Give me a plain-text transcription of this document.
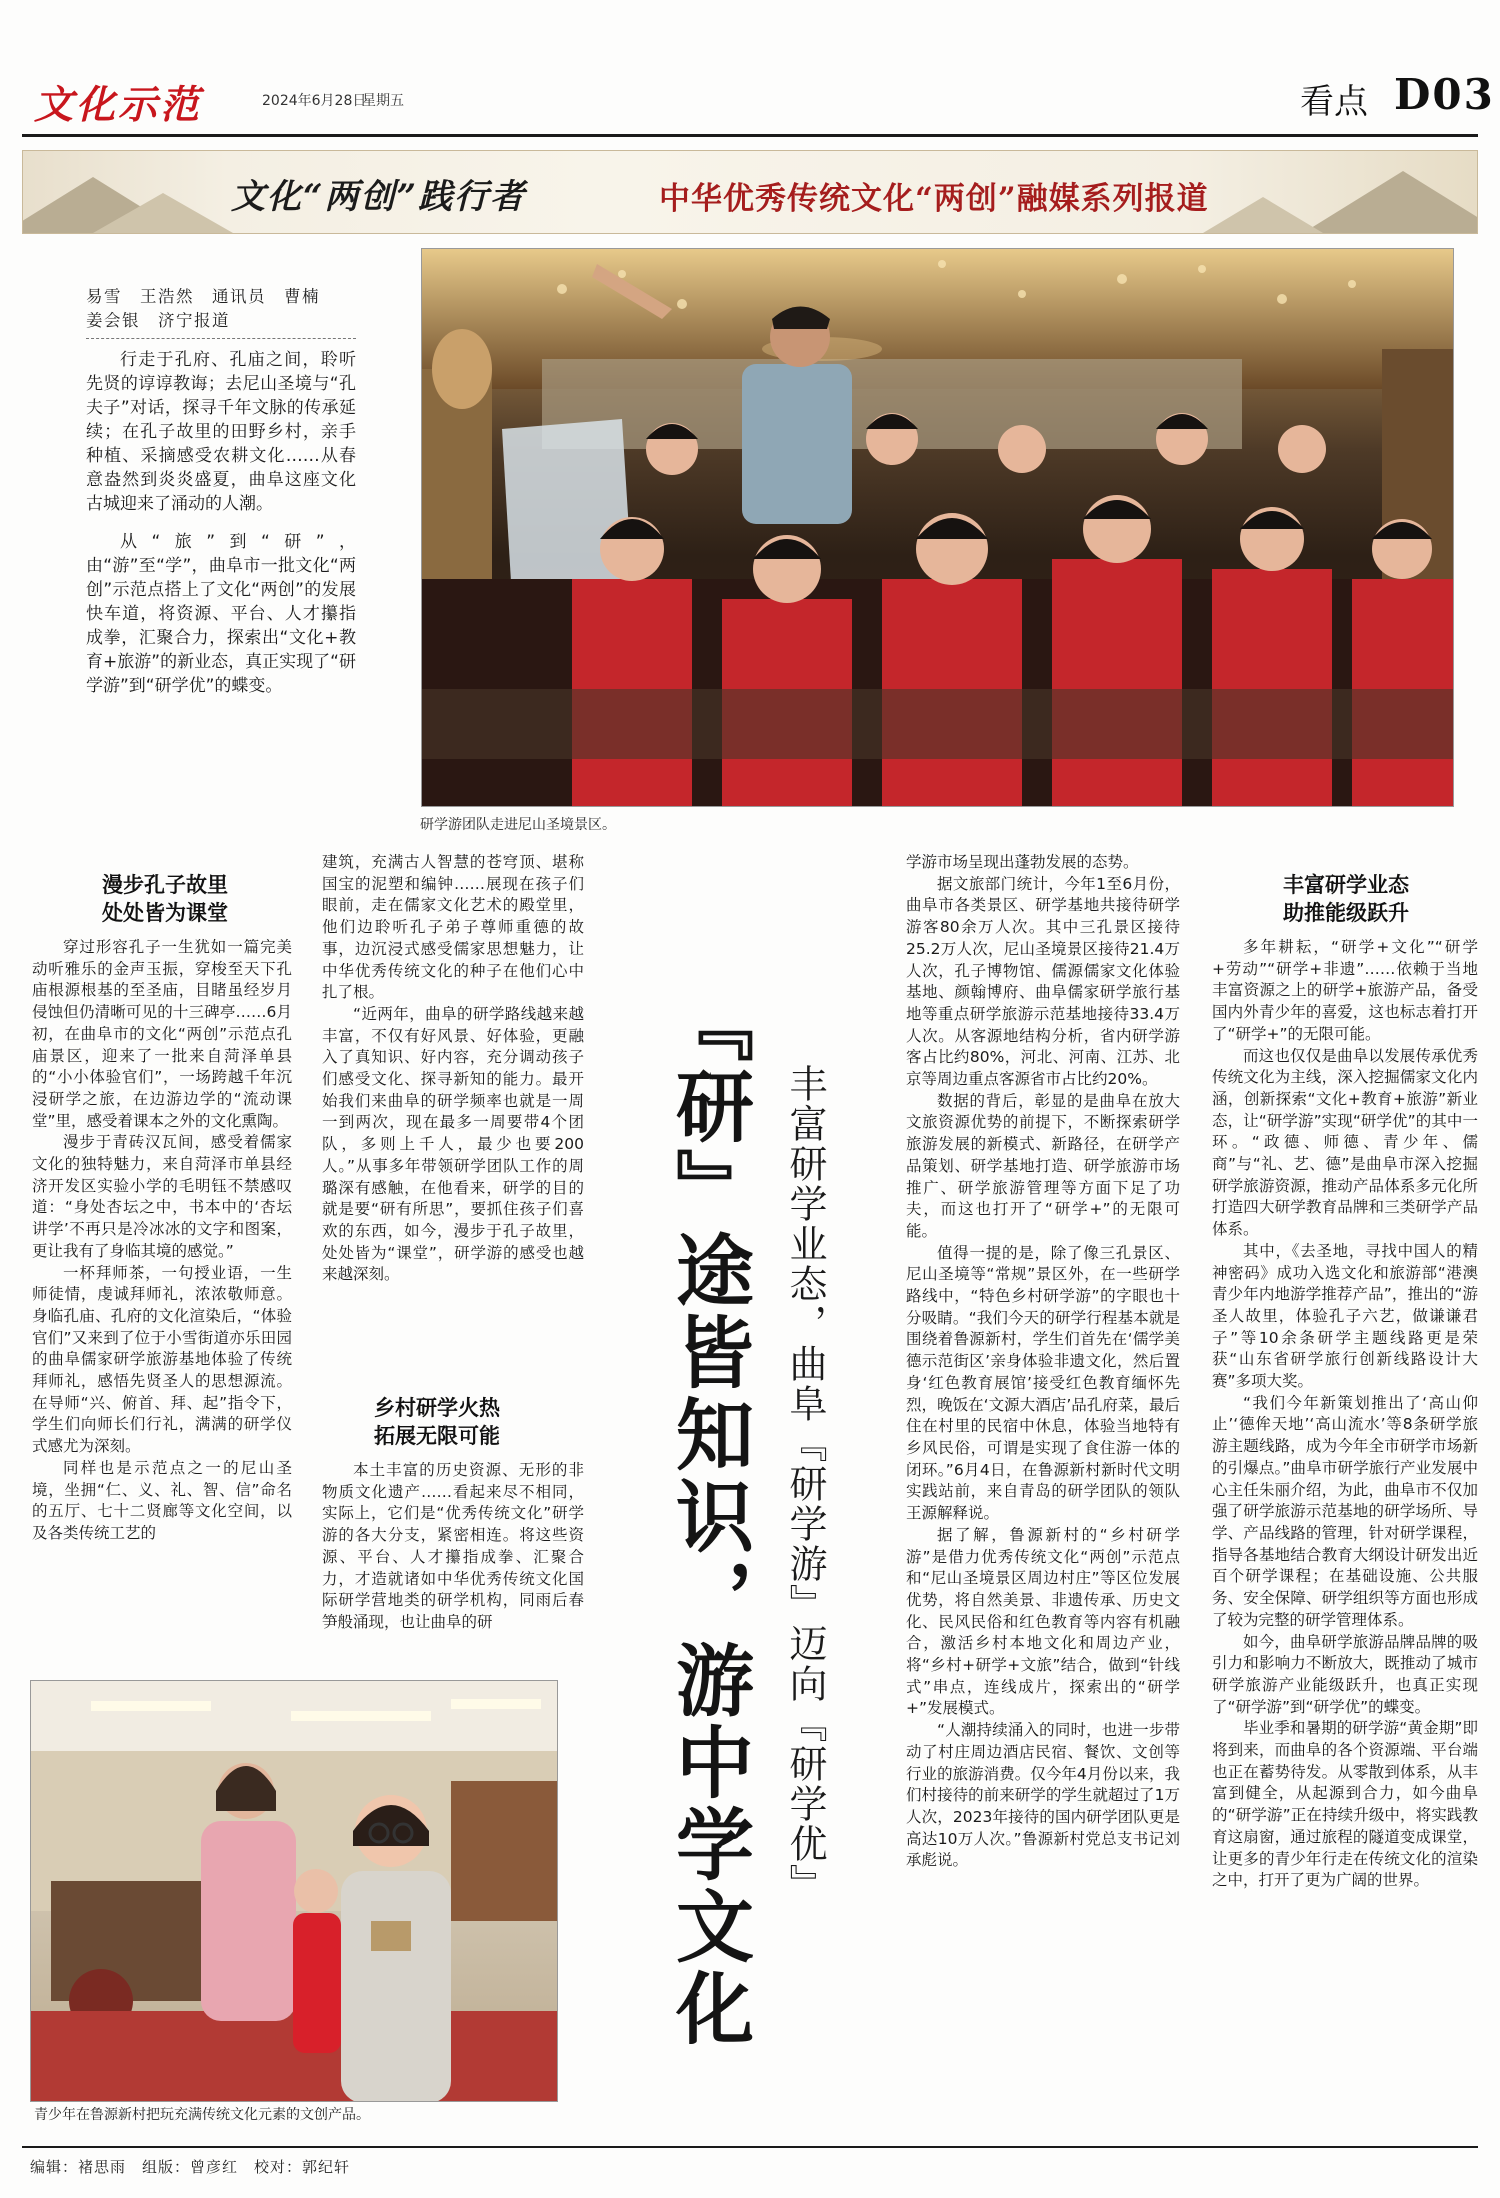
文化示范	2024年6月28日
星期五	看点 D03
文化“两创”践行者	中华优秀传统文化“两创”融媒系列报道
易雪　王浩然　通讯员　曹楠
姜会银　济宁报道

行走于孔府、孔庙之间，聆听先贤的谆谆教诲；去尼山圣境与“孔夫子”对话，探寻千年文脉的传承延续；在孔子故里的田野乡村，亲手种植、采摘感受农耕文化……从春意盎然到炎炎盛夏，曲阜这座文化古城迎来了涌动的人潮。

从“旅”到“研”，由“游”至“学”，曲阜市一批文化“两创”示范点搭上了文化“两创”的发展快车道，将资源、平台、人才攥指成拳，汇聚合力，探索出“文化+教育+旅游”的新业态，真正实现了“研学游”到“研学优”的蝶变。

研学游团队走进尼山圣境景区。
漫步孔子故里
处处皆为课堂

穿过形容孔子一生犹如一篇完美动听雅乐的金声玉振，穿梭至天下孔庙根源根基的至圣庙，目睹虽经岁月侵蚀但仍清晰可见的十三碑亭……6月初，在曲阜市的文化“两创”示范点孔庙景区，迎来了一批来自菏泽单县的“小小体验官们”，一场跨越千年沉浸研学之旅，在边游边学的“流动课堂”里，感受着课本之外的文化熏陶。

漫步于青砖汉瓦间，感受着儒家文化的独特魅力，来自菏泽市单县经济开发区实验小学的毛明钰不禁感叹道：“身处杏坛之中，书本中的‘杏坛讲学’不再只是冷冰冰的文字和图案，更让我有了身临其境的感觉。”

一杯拜师茶，一句授业语，一生师徒情，虔诚拜师礼，浓浓敬师意。身临孔庙、孔府的文化渲染后，“体验官们”又来到了位于小雪街道亦乐田园的曲阜儒家研学旅游基地体验了传统拜师礼，感悟先贤圣人的思想源流。在导师“兴、俯首、拜、起”指令下，学生们向师长们行礼，满满的研学仪式感尤为深刻。

同样也是示范点之一的尼山圣境，坐拥“仁、义、礼、智、信”命名的五厅、七十二贤廊等文化空间，以及各类传统工艺的

建筑，充满古人智慧的苍穹顶、堪称国宝的泥塑和编钟……展现在孩子们眼前，走在儒家文化艺术的殿堂里，他们边聆听孔子弟子尊师重德的故事，边沉浸式感受儒家思想魅力，让中华优秀传统文化的种子在他们心中扎了根。

“近两年，曲阜的研学路线越来越丰富，不仅有好风景、好体验，更融入了真知识、好内容，充分调动孩子们感受文化、探寻新知的能力。最开始我们来曲阜的研学频率也就是一周一到两次，现在最多一周要带4个团队，多则上千人，最少也要200人。”从事多年带领研学团队工作的周璐深有感触，在他看来，研学的目的就是要“研有所思”，要抓住孩子们喜欢的东西，如今，漫步于孔子故里，处处皆为“课堂”，研学游的感受也越来越深刻。

乡村研学火热
拓展无限可能

本土丰富的历史资源、无形的非物质文化遗产……看起来尽不相同，实际上，它们是“优秀传统文化”研学游的各大分支，紧密相连。将这些资源、平台、人才攥指成拳、汇聚合力，才造就诸如中华优秀传统文化国际研学营地类的研学机构，同雨后春笋般涌现，也让曲阜的研	『研』途皆知识，游中学文化 丰富研学业态，曲阜『研学游』迈向『研学优』

学游市场呈现出蓬勃发展的态势。

据文旅部门统计，今年1至6月份，曲阜市各类景区、研学基地共接待研学游客80余万人次。其中三孔景区接待25.2万人次，尼山圣境景区接待21.4万人次，孔子博物馆、儒源儒家文化体验基地、颜翰博府、曲阜儒家研学旅行基地等重点研学旅游示范基地接待33.4万人次。从客源地结构分析，省内研学游客占比约80%，河北、河南、江苏、北京等周边重点客源省市占比约20%。

数据的背后，彰显的是曲阜在放大文旅资源优势的前提下，不断探索研学旅游发展的新模式、新路径，在研学产品策划、研学基地打造、研学旅游市场推广、研学旅游管理等方面下足了功夫，而这也打开了“研学+”的无限可能。

值得一提的是，除了像三孔景区、尼山圣境等“常规”景区外，在一些研学路线中，“特色乡村研学游”的字眼也十分吸睛。“我们今天的研学行程基本就是围绕着鲁源新村，学生们首先在‘儒学美德示范街区’亲身体验非遗文化，然后置身‘红色教育展馆’接受红色教育缅怀先烈，晚饭在‘文源大酒店’品孔府菜，最后住在村里的民宿中休息，体验当地特有乡风民俗，可谓是实现了食住游一体的闭环。”6月4日，在鲁源新村新时代文明实践站前，来自青岛的研学团队的领队王源解释说。

据了解，鲁源新村的“乡村研学游”是借力优秀传统文化“两创”示范点和“尼山圣境景区周边村庄”等区位发展优势，将自然美景、非遗传承、历史文化、民风民俗和红色教育等内容有机融合，激活乡村本地文化和周边产业，将“乡村+研学+文旅”结合，做到“针线式”串点，连线成片，探索出的“研学+”发展模式。

“人潮持续涌入的同时，也进一步带动了村庄周边酒店民宿、餐饮、文创等行业的旅游消费。仅今年4月份以来，我们村接待的前来研学的学生就超过了1万人次，2023年接待的国内研学团队更是高达10万人次。”鲁源新村党总支书记刘承彪说。

丰富研学业态
助推能级跃升

多年耕耘，“研学+文化”“研学+劳动”“研学+非遗”……依赖于当地丰富资源之上的研学+旅游产品，备受国内外青少年的喜爱，这也标志着打开了“研学+”的无限可能。

而这也仅仅是曲阜以发展传承优秀传统文化为主线，深入挖掘儒家文化内涵，创新探索“文化+教育+旅游”新业态，让“研学游”实现“研学优”的其中一环。“政德、师德、青少年、儒商”与“礼、艺、德”是曲阜市深入挖掘研学旅游资源，推动产品体系多元化所打造四大研学教育品牌和三类研学产品体系。

其中，《去圣地，寻找中国人的精神密码》成功入选文化和旅游部“港澳青少年内地游学推荐产品”，推出的“游圣人故里，体验孔子六艺，做谦谦君子”等10余条研学主题线路更是荣获“山东省研学旅行创新线路设计大赛”多项大奖。

“我们今年新策划推出了‘高山仰止’‘德侔天地’‘高山流水’等8条研学旅游主题线路，成为今年全市研学市场新的引爆点。”曲阜市研学旅行产业发展中心主任朱丽介绍，为此，曲阜市不仅加强了研学旅游示范基地的研学场所、导学、产品线路的管理，针对研学课程，指导各基地结合教育大纲设计研发出近百个研学课程；在基础设施、公共服务、安全保障、研学组织等方面也形成了较为完整的研学管理体系。

如今，曲阜研学旅游品牌品牌的吸引力和影响力不断放大，既推动了城市研学旅游产业能级跃升，也真正实现了“研学游”到“研学优”的蝶变。

毕业季和暑期的研学游“黄金期”即将到来，而曲阜的各个资源端、平台端也正在蓄势待发。从零散到体系，从丰富到健全，从起源到合力，如今曲阜的“研学游”正在持续升级中，将实践教育这扇窗，通过旅程的隧道变成课堂，让更多的青少年行走在传统文化的渲染之中，打开了更为广阔的世界。

青少年在鲁源新村把玩充满传统文化元素的文创产品。
编辑：褚思雨　组版：曾彦红　校对：郭纪轩
